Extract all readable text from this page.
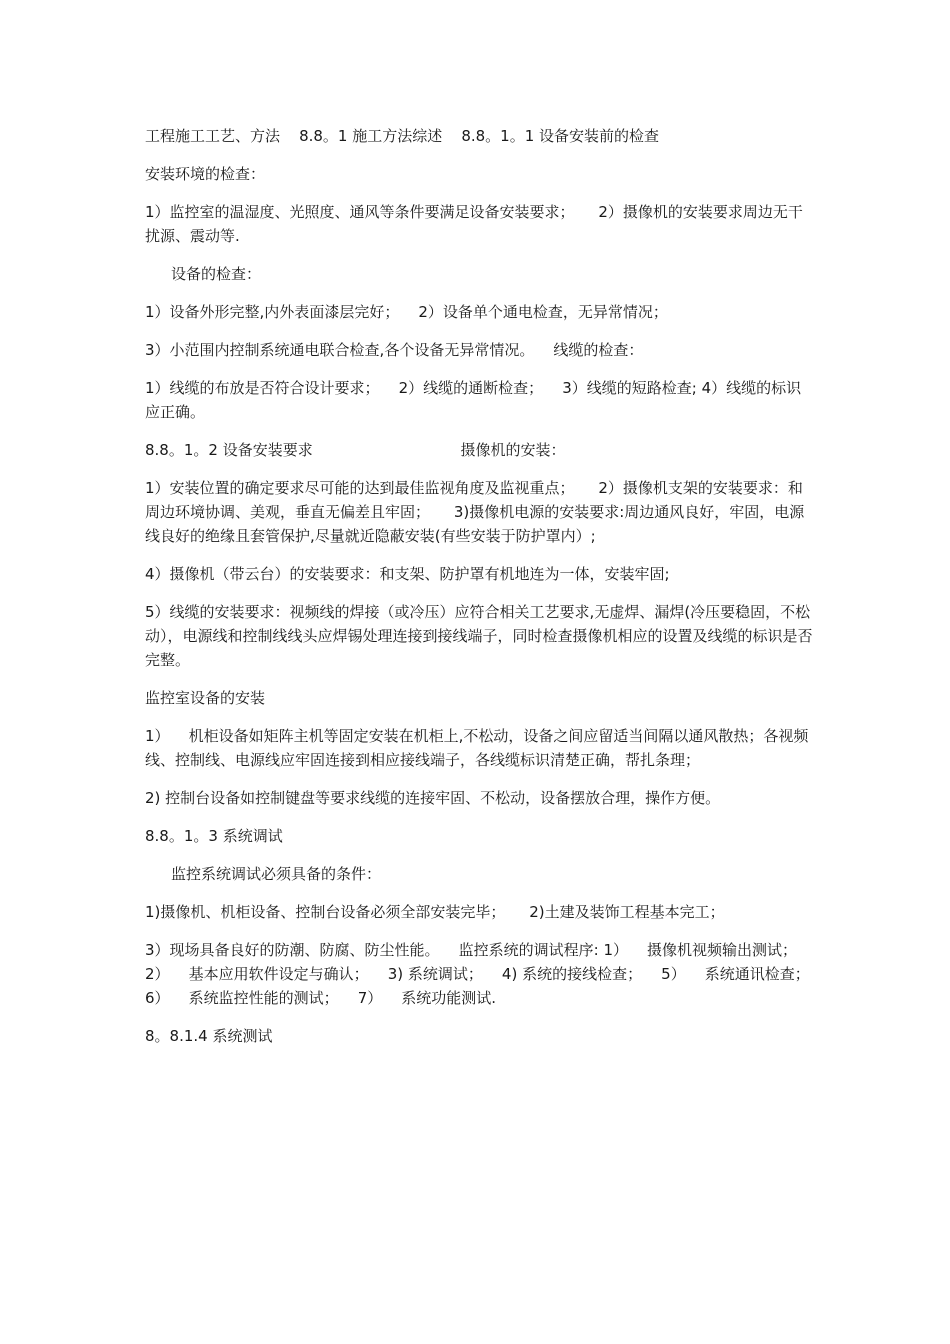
工程施工工艺、方法    8.8。1 施工方法综述    8.8。1。1 设备安装前的检查

安装环境的检查：

1）监控室的温湿度、光照度、通风等条件要满足设备安装要求；     2）摄像机的安装要求周边无干扰源、震动等.

设备的检查：

1）设备外形完整,内外表面漆层完好；    2）设备单个通电检查，无异常情况；

3）小范围内控制系统通电联合检查,各个设备无异常情况。    线缆的检查：

1）线缆的布放是否符合设计要求；    2）线缆的通断检查；    3）线缆的短路检查; 4）线缆的标识应正确。

8.8。1。2 设备安装要求                               摄像机的安装：

1）安装位置的确定要求尽可能的达到最佳监视角度及监视重点；     2）摄像机支架的安装要求：和周边环境协调、美观，垂直无偏差且牢固；     3)摄像机电源的安装要求:周边通风良好，牢固，电源线良好的绝缘且套管保护,尽量就近隐蔽安装(有些安装于防护罩内）;

4）摄像机（带云台）的安装要求：和支架、防护罩有机地连为一体，安装牢固;

5）线缆的安装要求：视频线的焊接（或冷压）应符合相关工艺要求,无虚焊、漏焊(冷压要稳固，不松动），电源线和控制线线头应焊锡处理连接到接线端子，同时检查摄像机相应的设置及线缆的标识是否完整。

监控室设备的安装

1）    机柜设备如矩阵主机等固定安装在机柜上,不松动，设备之间应留适当间隔以通风散热；各视频线、控制线、电源线应牢固连接到相应接线端子，各线缆标识清楚正确，帮扎条理；

2) 控制台设备如控制键盘等要求线缆的连接牢固、不松动，设备摆放合理，操作方便。

8.8。1。3 系统调试

监控系统调试必须具备的条件：

1)摄像机、机柜设备、控制台设备必须全部安装完毕；     2)土建及装饰工程基本完工；

3）现场具备良好的防潮、防腐、防尘性能。    监控系统的调试程序: 1）    摄像机视频输出测试；    2）    基本应用软件设定与确认；    3) 系统调试；    4) 系统的接线检查；    5）    系统通讯检查；    6）    系统监控性能的测试；    7）    系统功能测试.

8。8.1.4 系统测试
